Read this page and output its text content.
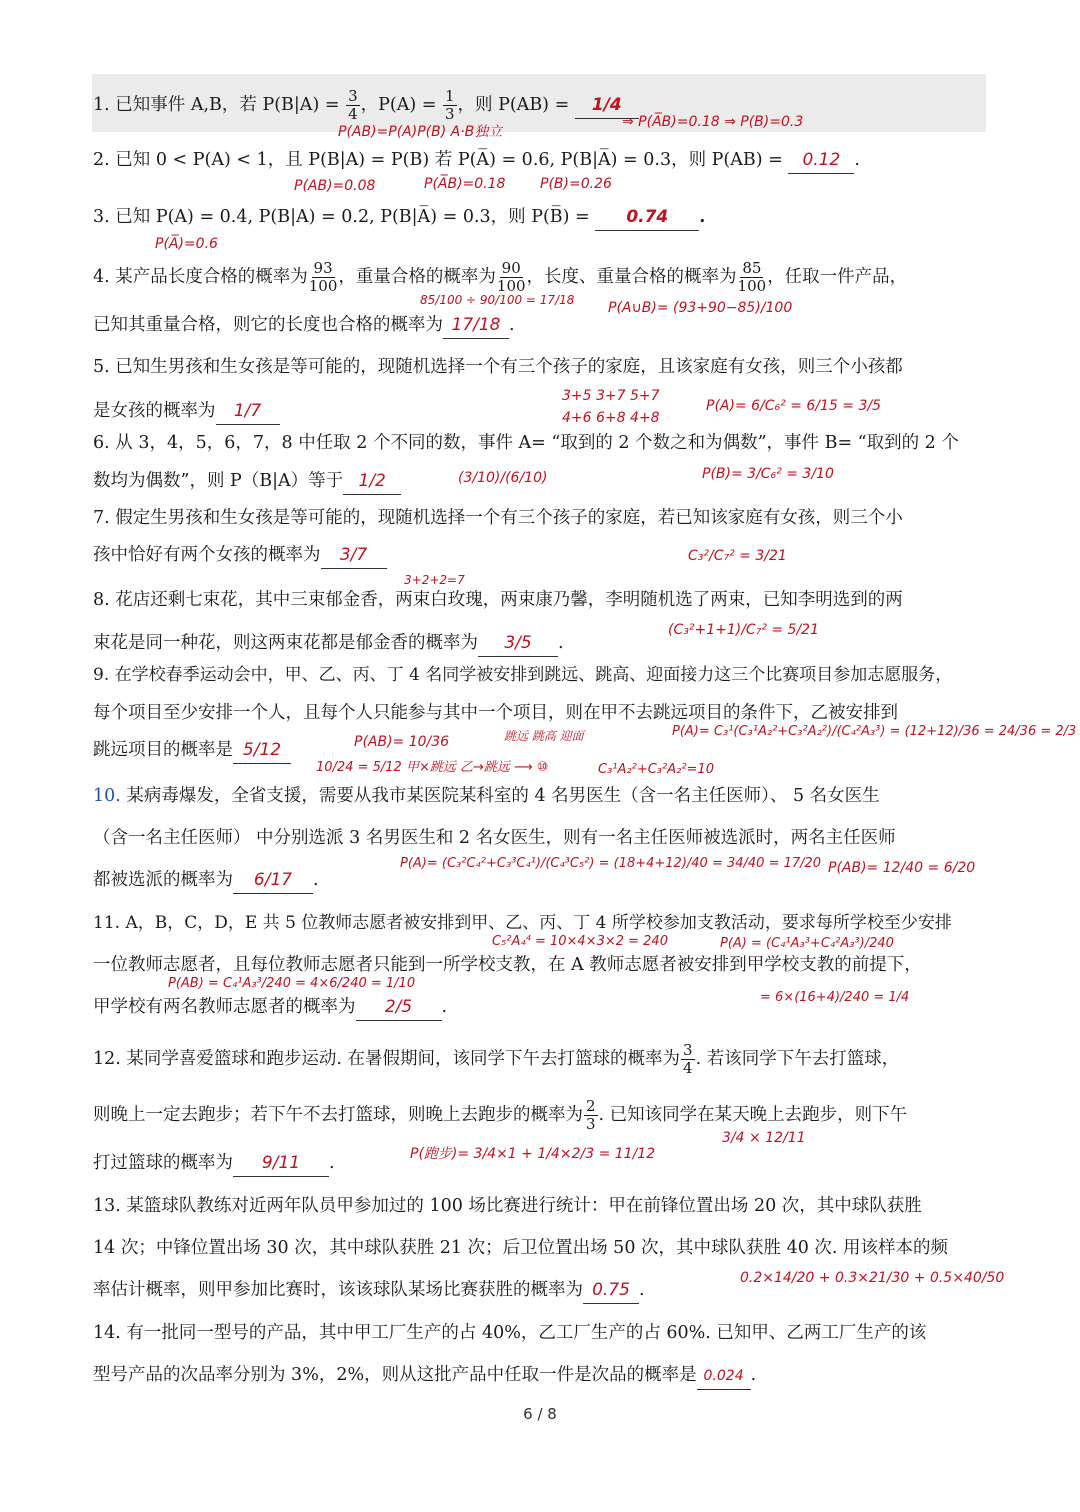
1. 已知事件 A,B，若 $P(B|A) = \frac{3}{4}$ ，$P(A) = \frac{1}{3}$ ，则 P(AB) = 1/4
P(AB)=P(A)P(B) A·B独立
⇒ P(A̅B)=0.18 ⇒ P(B)=0.3
2. 已知 0 < P(A) < 1，且 P(B|A) = P(B) 若 P(A̅) = 0.6, P(B|A̅) = 0.3，则 P(AB) = 0.12 .
P(AB)=0.08	P(A̅B)=0.18 P(B)=0.26
3. 已知 P(A) = 0.4, P(B|A) = 0.2, P(B|A̅) = 0.3，则 P(B̅) = 0.74 .
P(A̅)=0.6
4. 某产品长度合格的概率为 $\frac{93}{100}$ ，重量合格的概率为 $\frac{90}{100}$ ，长度、重量合格的概率为 $\frac{85}{100}$ ，任取一件产品，
已知其重量合格，则它的长度也合格的概率为 17/18 .
85/100 ÷ 90/100 = 17/18 P(A∪B)= (93+90−85)/100
5. 已知生男孩和生女孩是等可能的，现随机选择一个有三个孩子的家庭，且该家庭有女孩，则三个小孩都
是女孩的概率为 1/7
3+5 3+7 5+7
4+6 6+8 4+8
P(A)= 6/C₆² = 6/15 = 3/5
6. 从 3，4，5，6，7，8 中任取 2 个不同的数，事件 A= “取到的 2 个数之和为偶数”，事件 B= “取到的 2 个
数均为偶数”，则 P（B|A）等于 1/2	(3/10)/(6/10)	P(B)= 3/C₆² = 3/10
7. 假定生男孩和生女孩是等可能的，现随机选择一个有三个孩子的家庭，若已知该家庭有女孩，则三个小
孩中恰好有两个女孩的概率为 3/7	C₃²/C₇² = 3/21
8. 花店还剩七束花，其中三束郁金香，两束白玫瑰，两束康乃馨，李明随机选了两束，已知李明选到的两
束花是同一种花，则这两束花都是郁金香的概率为 3/5 .
3+2+2=7
(C₃²+1+1)/C₇² = 5/21
9. 在学校春季运动会中，甲、乙、丙、丁 4 名同学被安排到跳远、跳高、迎面接力这三个比赛项目参加志愿服务，
每个项目至少安排一个人，且每个人只能参与其中一个项目，则在甲不去跳远项目的条件下，乙被安排到
跳远项目的概率是 5/12	P(AB)= 10/36	跳远 跳高 迎面	P(A)= C₃¹(C₃¹A₂²+C₃²A₂²)/(C₄²A₃³) = (12+12)/36 = 24/36 = 2/3
10/24 = 5/12 甲×跳远 乙→跳远 ⟶ ⑩	C₃¹A₂²+C₃²A₂²=10
10. 某病毒爆发，全省支援，需要从我市某医院某科室的 4 名男医生（含一名主任医师）、 5 名女医生
（含一名主任医师） 中分别选派 3 名男医生和 2 名女医生，则有一名主任医师被选派时，两名主任医师
都被选派的概率为 6/17 .
P(A)= (C₃²C₄²+C₃³C₄¹)/(C₄³C₅²) = (18+4+12)/40 = 34/40 = 17/20 P(AB)= 12/40 = 6/20
11. A，B，C，D，E 共 5 位教师志愿者被安排到甲、乙、丙、丁 4 所学校参加支教活动，要求每所学校至少安排
一位教师志愿者，且每位教师志愿者只能到一所学校支教，在 A 教师志愿者被安排到甲学校支教的前提下，
甲学校有两名教师志愿者的概率为 2/5 .
C₅²A₄⁴ = 10×4×3×2 = 240	P(A) = (C₄¹A₃³+C₄²A₃³)/240
P(AB) = C₄¹A₃³/240 = 4×6/240 = 1/10
= 6×(16+4)/240 = 1/4
12. 某同学喜爱篮球和跑步运动. 在暑假期间，该同学下午去打篮球的概率为 $\frac{3}{4}$ . 若该同学下午去打篮球，
则晚上一定去跑步；若下午不去打篮球，则晚上去跑步的概率为 $\frac{2}{3}$ . 已知该同学在某天晚上去跑步，则下午
打过篮球的概率为 9/11 .	P(跑步)= 3/4×1 + 1/4×2/3 = 11/12
3/4 × 12/11
13. 某篮球队教练对近两年队员甲参加过的 100 场比赛进行统计：甲在前锋位置出场 20 次，其中球队获胜
14 次；中锋位置出场 30 次，其中球队获胜 21 次；后卫位置出场 50 次，其中球队获胜 40 次. 用该样本的频
率估计概率，则甲参加比赛时，该该球队某场比赛获胜的概率为 0.75 .
0.2×14/20 + 0.3×21/30 + 0.5×40/50
14. 有一批同一型号的产品，其中甲工厂生产的占 40%，乙工厂生产的占 60%. 已知甲、乙两工厂生产的该
型号产品的次品率分别为 3%，2%，则从这批产品中任取一件是次品的概率是 0.024 .
6 / 8
